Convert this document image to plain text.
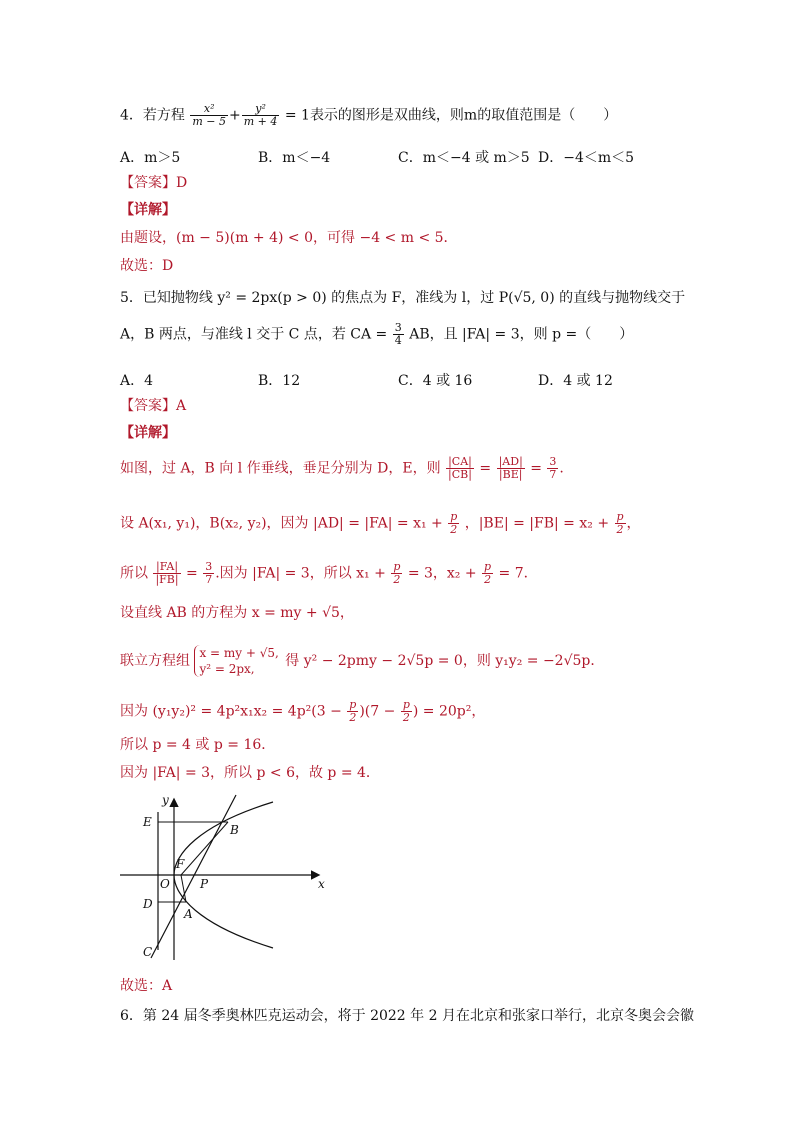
4．若方程 $\frac{\text{x²}}{m - 5} + \frac{\text{y²}}{m + 4} = 1$表示的图形是双曲线，则m的取值范围是（　　）
A．m＞5	B．m＜−4	C．m＜−4 或 m＞5 D．−4＜m＜5
【答案】D
【详解】
由题设，(m − 5)(m + 4) < 0，可得 −4 < m < 5．
故选：D
5．已知抛物线 y² = 2px(p > 0) 的焦点为 F，准线为 l，过 P(√5, 0) 的直线与抛物线交于
A，B 两点，与准线 l 交于 C 点，若 CA = $\frac{3}{4}$ AB，且 |FA| = 3，则 p =（　　）
A．4	B．12	C．4 或 16	D．4 或 12
【答案】A
【详解】
如图，过 A，B 向 l 作垂线，垂足分别为 D，E，则 $\frac{|CA|}{|CB|} = \frac{|AD|}{|BE|} = \frac{3}{7}$ .
设 A(x₁, y₁)，B(x₂, y₂)，因为 $|AD| = |FA| = x_1 + \frac{p}{2}$ ，$|BE| = |FB| = x_2 + \frac{p}{2}$ ，
所以 $\frac{|FA|}{|FB|} = \frac{3}{7}$ .因为 |FA| = 3，所以 $x_1 + \frac{p}{2} = 3$，$x_2 + \frac{p}{2} = 7$．
设直线 AB 的方程为 x = my + √5，
联立方程组 x = my + √5,
y² = 2px,	得 y² − 2pmy − 2√5p = 0，则 y₁y₂ = −2√5p．
因为 $(y_1y_2)^2 = 4p^2x_1x_2 = 4p^2(3 - \frac{p}{2} )(7 - \frac{p}{2}$ ) = 20p²，
所以 p = 4 或 p = 16．
因为 |FA| = 3，所以 p < 6，故 p = 4．
y
x
E
B
F
O	P
D
A
C
故选：A
6．第 24 届冬季奥林匹克运动会，将于 2022 年 2 月在北京和张家口举行，北京冬奥会会徽
